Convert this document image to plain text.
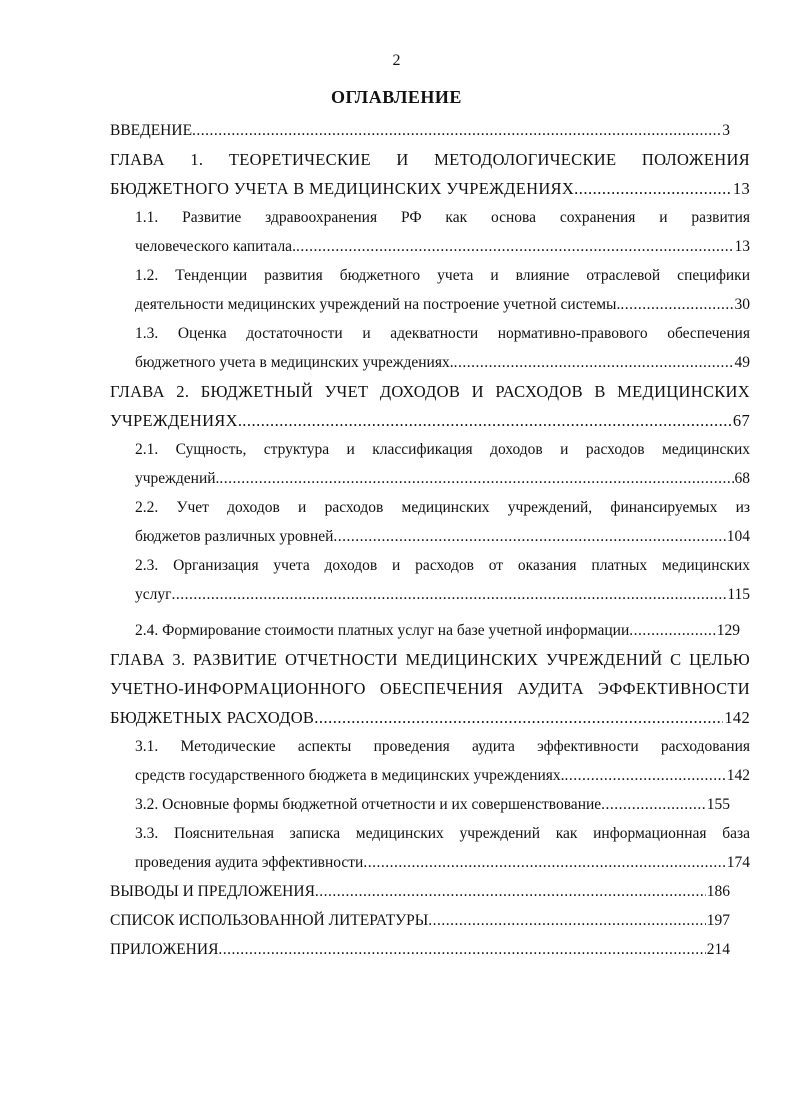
2
ОГЛАВЛЕНИЕ
ВВЕДЕНИЕ .....	3
ГЛАВА 1. ТЕОРЕТИЧЕСКИЕ И МЕТОДОЛОГИЧЕСКИЕ ПОЛОЖЕНИЯ
БЮДЖЕТНОГО УЧЕТА В МЕДИЦИНСКИХ УЧРЕЖДЕНИЯХ .....	13
1.1. Развитие здравоохранения РФ как основа сохранения и развития
человеческого капитала. .....	13
1.2. Тенденции развития бюджетного учета и влияние отраслевой специфики
деятельности медицинских учреждений на построение учетной системы. .....	30
1.3. Оценка достаточности и адекватности нормативно-правового обеспечения
бюджетного учета в медицинских учреждениях. .....	49
ГЛАВА 2. БЮДЖЕТНЫЙ УЧЕТ ДОХОДОВ И РАСХОДОВ В МЕДИЦИНСКИХ
УЧРЕЖДЕНИЯХ. .....	67
2.1. Сущность, структура и классификация доходов и расходов медицинских
учреждений. .....	68
2.2. Учет доходов и расходов медицинских учреждений, финансируемых из
бюджетов различных уровней .....	104
2.3. Организация учета доходов и расходов от оказания платных медицинских
услуг .....	115
2.4. Формирование стоимости платных услуг на базе учетной информации .....	129
ГЛАВА 3. РАЗВИТИЕ ОТЧЕТНОСТИ МЕДИЦИНСКИХ УЧРЕЖДЕНИЙ С ЦЕЛЬЮ
УЧЕТНО-ИНФОРМАЦИОННОГО ОБЕСПЕЧЕНИЯ АУДИТА ЭФФЕКТИВНОСТИ
БЮДЖЕТНЫХ РАСХОДОВ .....	142
3.1. Методические аспекты проведения аудита эффективности расходования
средств государственного бюджета в медицинских учреждениях. .....	142
3.2. Основные формы бюджетной отчетности и их совершенствование .....	155
3.3. Пояснительная записка медицинских учреждений как информационная база
проведения аудита эффективности .....	174
ВЫВОДЫ И ПРЕДЛОЖЕНИЯ .....	186
СПИСОК ИСПОЛЬЗОВАННОЙ ЛИТЕРАТУРЫ .....	197
ПРИЛОЖЕНИЯ .....	214
